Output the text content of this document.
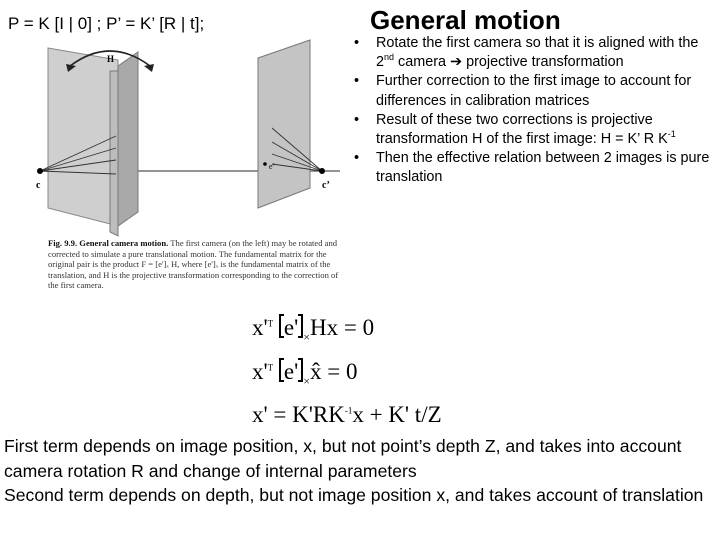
P = K [I | 0] ; P’ = K’ [R | t];
c	c’
e’
H
Fig. 9.9. General camera motion. The first camera (on the left) may be rotated and corrected to simulate a pure translational motion. The fundamental matrix for the original pair is the product F = [e']ₓ H, where [e']ₓ is the fundamental matrix of the translation, and H is the projective transformation corresponding to the correction of the first camera.
General motion
• Rotate the first camera so that it is aligned with the 2nd camera ➔ projective transformation
• Further correction to the first image to account for differences in calibration matrices
• Result of these two corrections is projective transformation H of the first image: H = K’ R $K^{-1}$
• Then the effective relation between 2 images is pure translation
$x'^T$ e' $_\times$Hx = 0
$x'^T$ e' $_\times$x̂ = 0
$x' = K'RK^{-1}x + K'$ t/Z
First term depends on image position, x, but not point’s depth Z, and takes into account camera rotation R and change of internal parameters
Second term depends on depth, but not image position x, and takes account of translation
